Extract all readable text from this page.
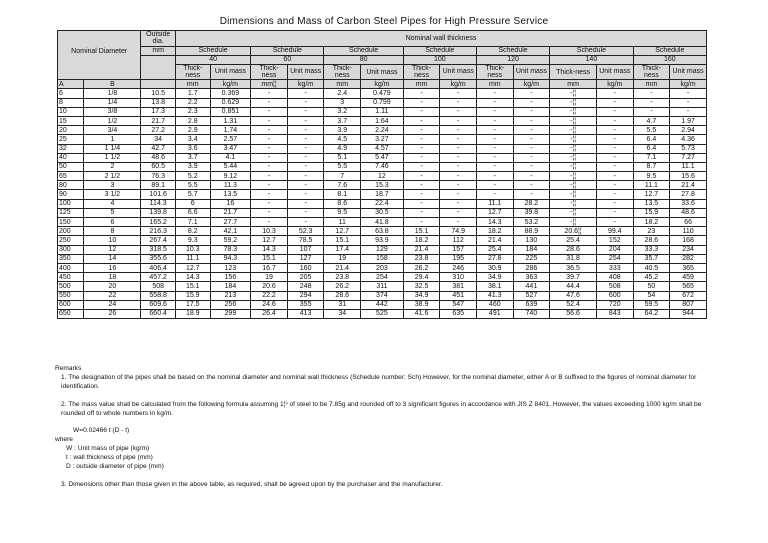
Dimensions and Mass of Carbon Steel Pipes for High Pressure Service
Nominal Diameter		Outside dia.	Nominal wall thickness													

		mm	Schedule		Schedule		Schedule		Schedule		Schedule		Schedule		Schedule	
			40		60		80		100		120		140		160	
			Thick-ness	Unit mass	Thick-ness	Unit mass	Thick-ness	Unit mass	Thick-ness	Unit mass	Thick-ness	Unit mass	Thick-ness	Unit mass	Thick-ness	Unit mass

A	B		mm	kg/m	mm¦¦	kg/m	mm	kg/m	mm	kg/m	mm	kg/m	mm	kg/m	mm	kg/m
6	1/8	10.5	1.7	0.369	-	-	2.4	0.479	-	-	-	-	-¦¦	-	-	-
8	1/4	13.8	2.2	0.629	-	-	3	0.799	-	-	-	-	-¦¦	-	-	-
10	3/8	17.3	2.3	0.851	-	-	3.2	1.11	-	-	-	-	-¦¦	-	-	-
15	1/2	21.7	2.8	1.31	-	-	3.7	1.64	-	-	-	-	-¦¦	-	4.7	1.97
20	3/4	27.2	2.9	1.74	-	-	3.9	2.24	-	-	-	-	-¦¦	-	5.5	2.94
25	1	34	3.4	2.57	-	-	4.5	3.27	-	-	-	-	-¦¦	-	6.4	4.36
32	1 1/4	42.7	3.6	3.47	-	-	4.9	4.57	-	-	-	-	-¦¦	-	6.4	5.73
40	1 1/2	48.6	3.7	4.1	-	-	5.1	5.47	-	-	-	-	-¦¦	-	7.1	7.27
50	2	60.5	3.9	5.44	-	-	5.5	7.46	-	-	-	-	-¦¦	-	8.7	11.1
65	2 1/2	76.3	5.2	9.12	-	-	7	12	-	-	-	-	-¦¦	-	9.5	15.6
80	3	89.1	5.5	11.3	-	-	7.6	15.3	-	-	-	-	-¦¦	-	11.1	21.4
90	3 1/2	101.6	5.7	13.5	-	-	8.1	18.7	-	-	-	-	-¦¦	-	12.7	27.8
100	4	114.3	6	16	-	-	8.6	22.4	-	-	11.1	28.2	-¦¦	-	13.5	33.6
125	5	139.8	6.6	21.7	-	-	9.5	30.5	-	-	12.7	39.8	-¦¦	-	15.9	48.6
150	6	165.2	7.1	27.7	-	-	11	41.8	-	-	14.3	53.2	-¦¦	-	18.2	66
200	8	216.3	8.2	42.1	10.3	52.3	12.7	63.8	15.1	74.9	18.2	88.9	20.6¦¦	99.4	23	110
250	10	267.4	9.3	59.2	12.7	78.5	15.1	93.9	18.2	112	21.4	130	25.4	152	28.6	168
300	12	318.5	10.3	78.3	14.3	107	17.4	129	21.4	157	25.4	184	28.6	204	33.3	234
350	14	355.6	11.1	94.3	15.1	127	19	158	23.8	195	27.8	225	31.8	254	35.7	282
400	16	406.4	12.7	123	16.7	160	21.4	203	26.2	246	30.9	286	36.5	333	40.5	365
450	18	457.2	14.3	156	19	205	23.8	254	29.4	310	34.9	363	39.7	408	45.2	459
500	20	508	15.1	184	20.6	248	26.2	311	32.5	381	38.1	441	44.4	508	50	565
550	22	558.8	15.9	213	22.2	294	28.6	374	34.9	451	41.3	527	47.6	600	54	672
600	24	609.6	17.5	256	24.6	355	31	442	38.9	547	460	639	52.4	720	59.5	807
650	26	660.4	18.9	299	26.4	413	34	525	41.6	635	491	740	56.6	843	64.2	944

Remarks

1. The designation of the pipes shall be based on the nominal diameter and nominal wall thickness (Schedule number: Sch) However, for the nominal diameter, either A or B suffixed to the figures of nominal diameter for identification.

2. The mass value shall be calculated from the following formula assuming 1¦³ of steel to be 7.85g and rounded off to 3 significant figures in accordance with JIS Z 8401. However, the values exceeding 1000 kg/m shall be rounded off to whole numbers in kg/m.

W=0.02466 t (D - t)

where

W : Unit mass of pipe (kg/m)

t : wall thickness of pipe (mm)

D : outside diameter of pipe (mm)

3. Dimensions other than those given in the above table, as required, shall be agreed upon by the purchaser and the manufacturer.
